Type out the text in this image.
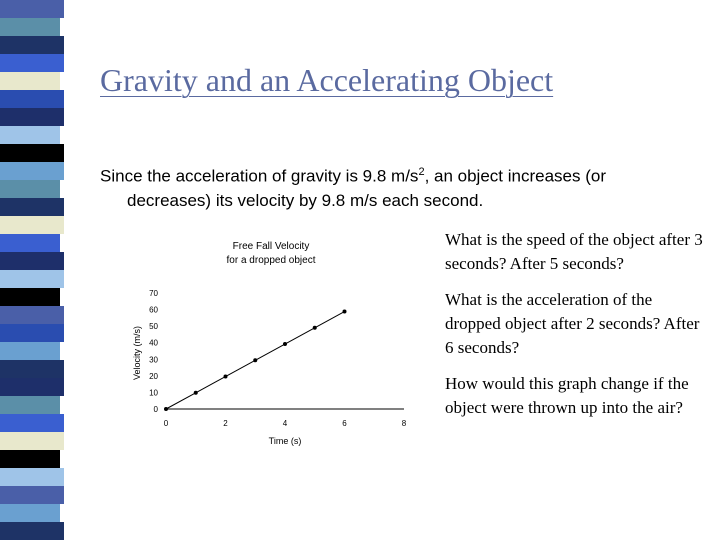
Gravity and an Accelerating Object
Since the acceleration of gravity is 9.8 $m/s^2$, an object increases (or
decreases) its velocity by 9.8 m/s each second.
Free Fall Velocity
for a dropped object
Velocity (m/s)
Time (s)
0
10
20
30
40
50
60
70
0	2	4	6	8
What is the speed of the object after 3 seconds? After 5 seconds?
What is the acceleration of the dropped object after 2 seconds? After 6 seconds?
How would this graph change if the object were thrown up into the air?
